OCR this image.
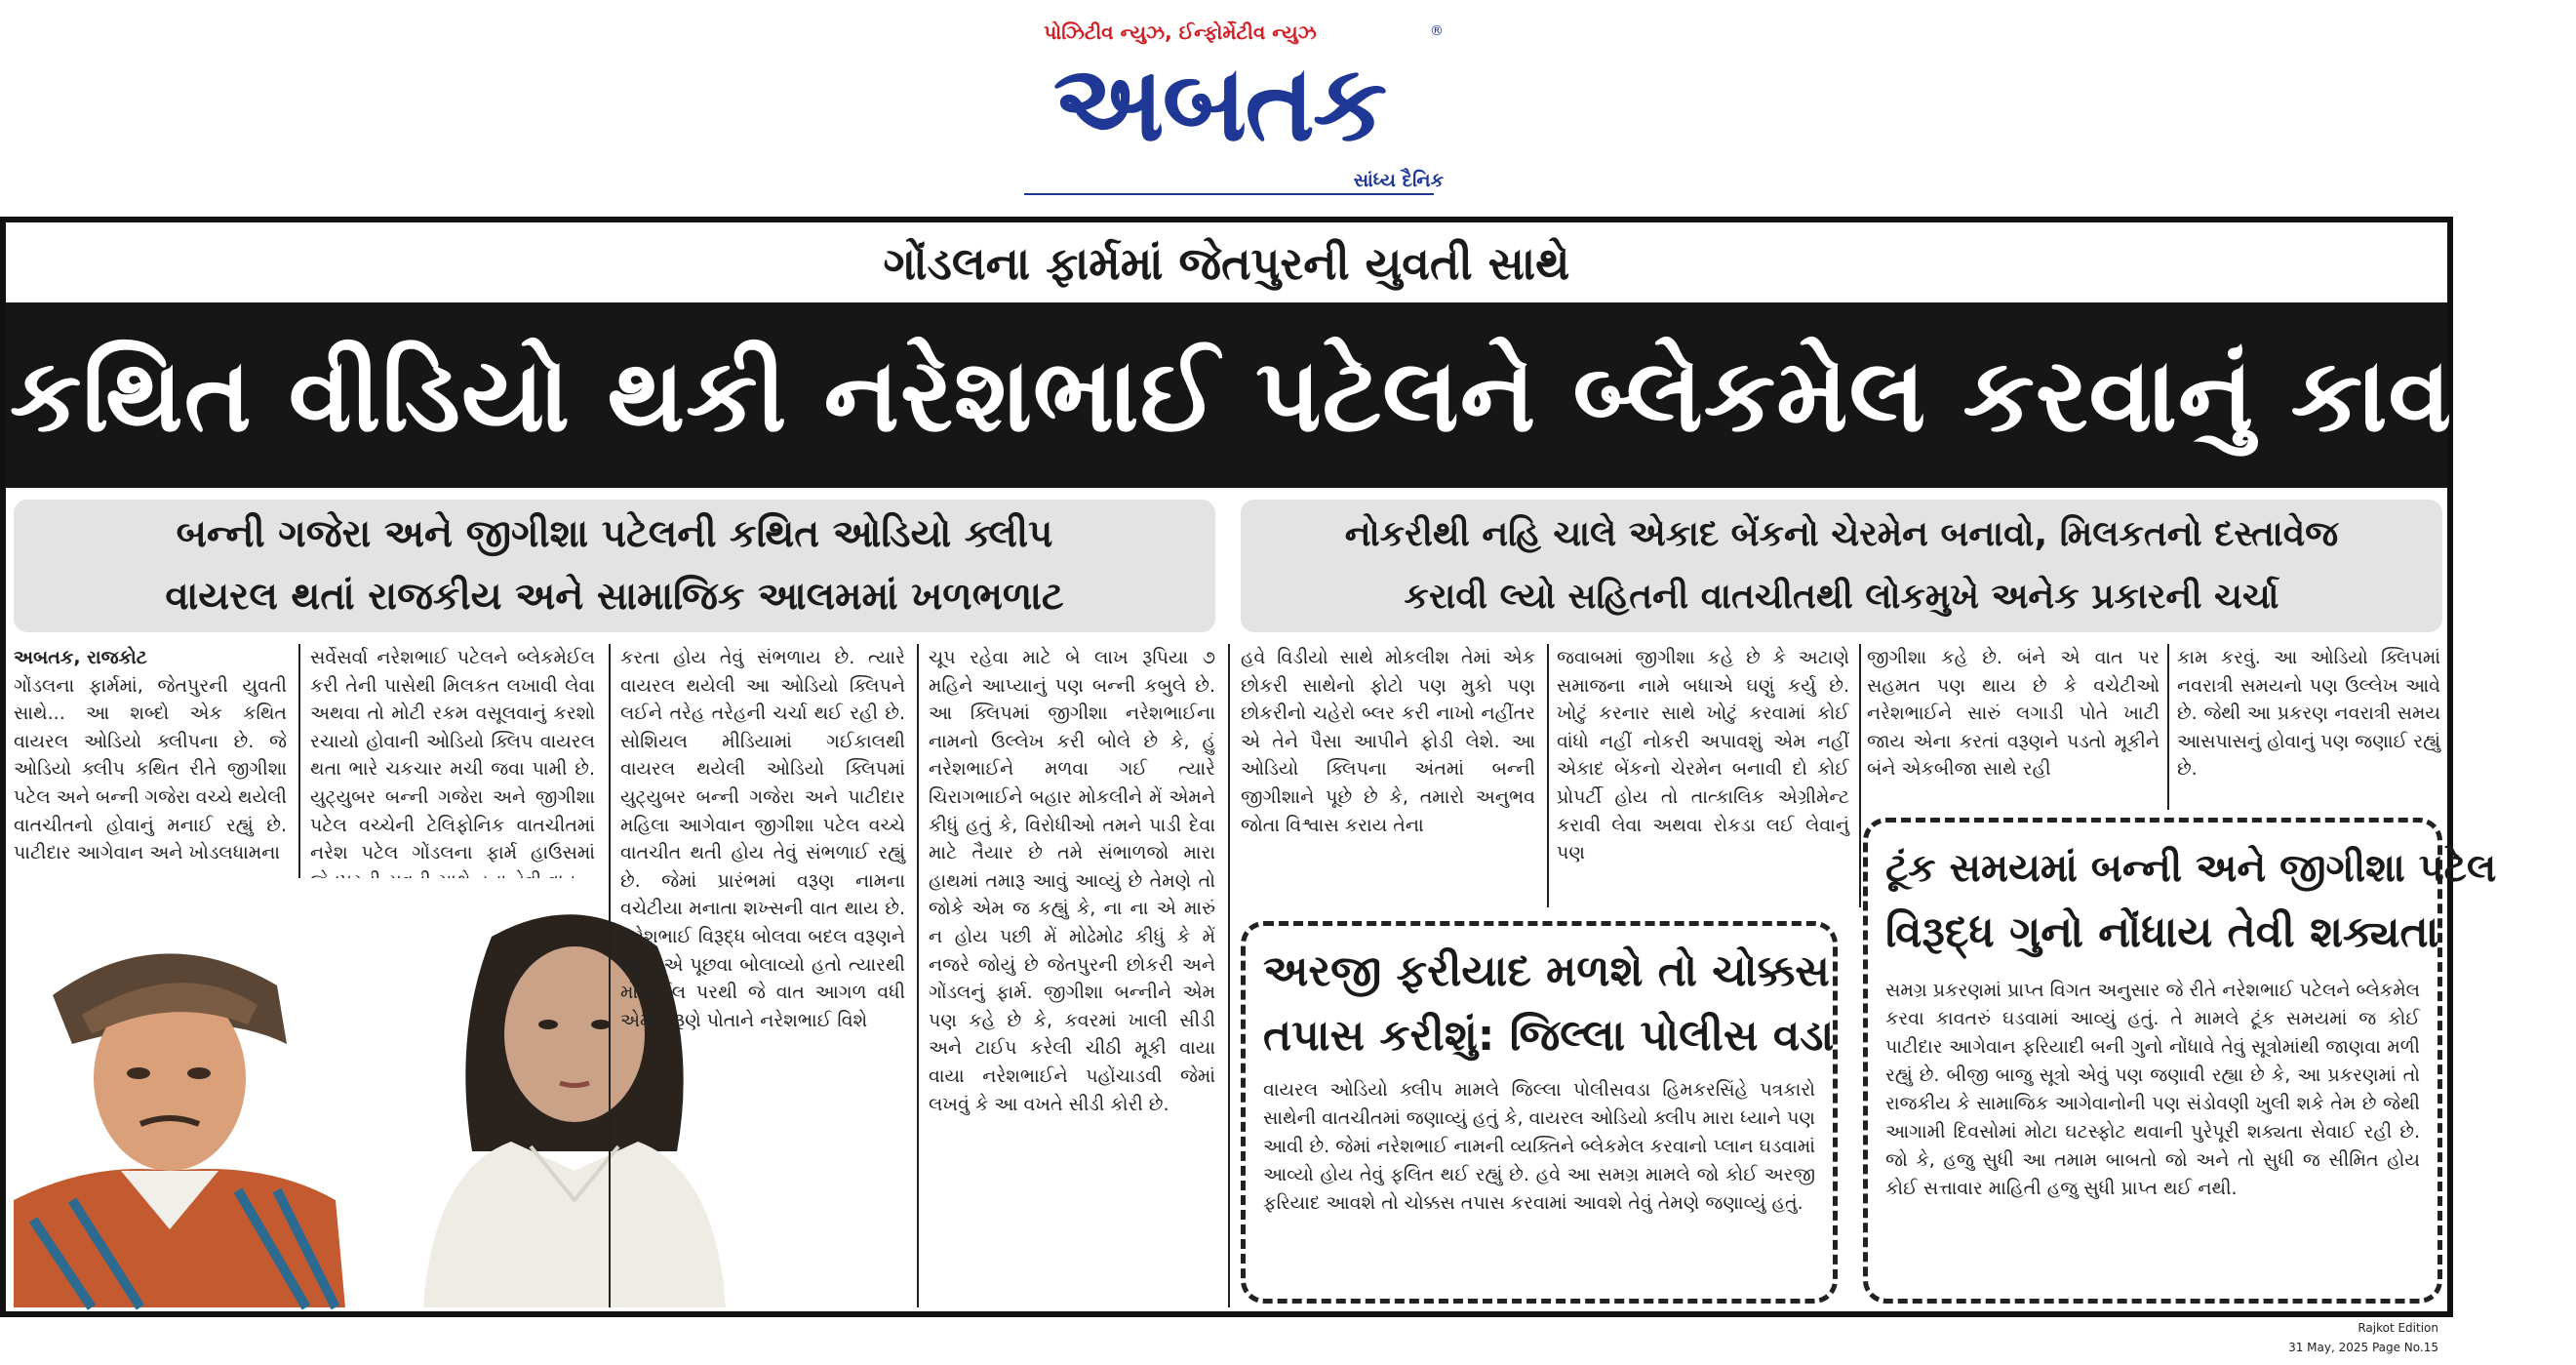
પોઝિટીવ ન્યુઝ, ઈન્ફોર્મેટીવ ન્યુઝ
અબતક
®
સાંધ્ય દૈનિક
ગોંડલના ફાર્મમાં જેતપુરની યુવતી સાથે
કથિત વીડિયો થકી નરેશભાઈ પટેલને બ્લેકમેલ કરવાનું કાવતરૂ
બન્ની ગજેરા અને જીગીશા પટેલની કથિત ઓડિયો ક્લીપ
વાયરલ થતાં રાજકીય અને સામાજિક આલમમાં ખળભળાટ
નોકરીથી નહિ ચાલે એકાદ બેંકનો ચેરમેન બનાવો, મિલકતનો દસ્તાવેજ
કરાવી લ્યો સહિતની વાતચીતથી લોકમુખે અનેક પ્રકારની ચર્ચા

અબતક, રાજકોટ

ગોંડલના ફાર્મમાં, જેતપુરની યુવતી સાથે... આ શબ્દો એક કથિત વાયરલ ઓડિયો ક્લીપના છે. જે ઓડિયો ક્લીપ કથિત રીતે જીગીશા પટેલ અને બન્ની ગજેરા વચ્ચે થયેલી વાતચીતનો હોવાનું મનાઈ રહ્યું છે. પાટીદાર આગેવાન અને ખોડલધામના

સર્વેસર્વા નરેશભાઈ પટેલને બ્લેકમેઈલ કરી તેની પાસેથી મિલકત લખાવી લેવા અથવા તો મોટી રકમ વસૂલવાનું કરશો રચાયો હોવાની ઓડિયો ક્લિપ વાયરલ થતા ભારે ચકચાર મચી જવા પામી છે. યુટ્યુબર બન્ની ગજેરા અને જીગીશા પટેલ વચ્ચેની ટેલિફોનિક વાતચીતમાં નરેશ પટેલ ગોંડલના ફાર્મ હાઉસમાં

કરતા હોય તેવું સંભળાય છે. ત્યારે વાયરલ થયેલી આ ઓડિયો ક્લિપને લઈને તરેહ તરેહની ચર્ચા થઈ રહી છે. સોશિયલ મીડિયામાં ગઈકાલથી વાયરલ થયેલી ઓડિયો ક્લિપમાં યુટ્યુબર બન્ની ગજેરા અને પાટીદાર મહિલા આગેવાન જીગીશા પટેલ વચ્ચે વાતચીત થતી હોય તેવું સંભળાઈ રહ્યું છે. જેમાં પ્રારંભમાં વરૂણ નામના વચેટીયા મનાતા શખ્સની વાત થાય છે. નરેશભાઈ વિરૂદ્ધ બોલવા બદલ વરૂણને બન્નીએ પૂછવા બોલાવ્યો હતો ત્યારથી મોબાઈલ પરથી જે વાત આગળ વધી એમાં વરૂણે પોતાને નરેશભાઈ વિશે

ચૂપ રહેવા માટે બે લાખ રૂપિયા ૭ મહિને આપ્યાનું પણ બન્ની કબુલે છે. આ ક્લિપમાં જીગીશા નરેશભાઈના નામનો ઉલ્લેખ કરી બોલે છે કે, હું નરેશભાઈને મળવા ગઈ ત્યારે ચિરાગભાઈને બહાર મોકલીને મેં એમને કીધું હતું કે, વિરોધીઓ તમને પાડી દેવા માટે તૈયાર છે તમે સંભાળજો મારા હાથમાં તમારૂ આવું આવ્યું છે તેમણે તો જોકે એમ જ કહ્યું કે, ના ના એ મારું ન હોય પછી મેં મોઢેમોઢ કીધું કે મેં નજરે જોયું છે જેતપુરની છોકરી અને ગોંડલનું ફાર્મ. જીગીશા બન્નીને એમ પણ કહે છે કે, કવરમાં ખાલી સીડી અને ટાઈપ કરેલી ચીઠી મૂકી વાયા વાયા નરેશભાઈને પહોંચાડવી જેમાં લખવું કે આ વખતે સીડી કોરી છે.

હવે વિડીયો સાથે મોકલીશ તેમાં એક છોકરી સાથેનો ફોટો પણ મુકો પણ છોકરીનો ચહેરો બ્લર કરી નાખો નહીંતર એ તેને પૈસા આપીને ફોડી લેશે. આ ઓડિયો ક્લિપના અંતમાં બન્ની જીગીશાને પૂછે છે કે, તમારો અનુભવ જોતા વિશ્વાસ કરાય તેના

જવાબમાં જીગીશા કહે છે કે અટાણે સમાજના નામે બધાએ ઘણું કર્યુ છે. ખોટું કરનાર સાથે ખોટું કરવામાં કોઈ વાંધો નહીં નોકરી અપાવશું એમ નહીં એકાદ બેંકનો ચેરમેન બનાવી દો કોઈ પ્રોપર્ટી હોય તો તાત્કાલિક એગ્રીમેન્ટ કરાવી લેવા અથવા રોકડા લઈ લેવાનું પણ

જીગીશા કહે છે. બંને એ વાત પર સહમત પણ થાય છે કે વચેટીઓ નરેશભાઈને સારું લગાડી પોતે ખાટી જાય એના કરતાં વરૂણને પડતો મૂકીને બંને એકબીજા સાથે રહી

કામ કરવું. આ ઓડિયો ક્લિપમાં નવરાત્રી સમયનો પણ ઉલ્લેખ આવે છે. જેથી આ પ્રકરણ નવરાત્રી સમય આસપાસનું હોવાનું પણ જણાઈ રહ્યું છે.

અરજી ફરીયાદ મળશે તો ચોક્કસ
તપાસ કરીશું: જિલ્લા પોલીસ વડા
વાયરલ ઓડિયો ક્લીપ મામલે જિલ્લા પોલીસવડા હિમકરસિંહે પત્રકારો સાથેની વાતચીતમાં જણાવ્યું હતું કે, વાયરલ ઓડિયો ક્લીપ મારા ધ્યાને પણ આવી છે. જેમાં નરેશભાઈ નામની વ્યક્તિને બ્લેકમેલ કરવાનો પ્લાન ઘડવામાં આવ્યો હોય તેવું ફલિત થઈ રહ્યું છે. હવે આ સમગ્ર મામલે જો કોઈ અરજી ફરિયાદ આવશે તો ચોક્કસ તપાસ કરવામાં આવશે તેવું તેમણે જણાવ્યું હતું.
ટૂંક સમયમાં બન્ની અને જીગીશા પટેલ
વિરૂદ્ધ ગુનો નોંધાય તેવી શક્યતા
સમગ્ર પ્રકરણમાં પ્રાપ્ત વિગત અનુસાર જે રીતે નરેશભાઈ પટેલને બ્લેકમેલ કરવા કાવતરું ઘડવામાં આવ્યું હતું. તે મામલે ટૂંક સમયમાં જ કોઈ પાટીદાર આગેવાન ફરિયાદી બની ગુનો નોંધાવે તેવું સૂત્રોમાંથી જાણવા મળી રહ્યું છે. બીજી બાજુ સૂત્રો એવું પણ જણાવી રહ્યા છે કે, આ પ્રકરણમાં તો રાજકીય કે સામાજિક આગેવાનોની પણ સંડોવણી ખુલી શકે તેમ છે જેથી આગામી દિવસોમાં મોટા ઘટસ્ફોટ થવાની પુરેપૂરી શક્યતા સેવાઈ રહી છે. જો કે, હજુ સુધી આ તમામ બાબતો જો અને તો સુધી જ સીમિત હોય કોઈ સત્તાવાર માહિતી હજુ સુધી પ્રાપ્ત થઈ નથી.
Rajkot Edition
31 May, 2025 Page No.15
